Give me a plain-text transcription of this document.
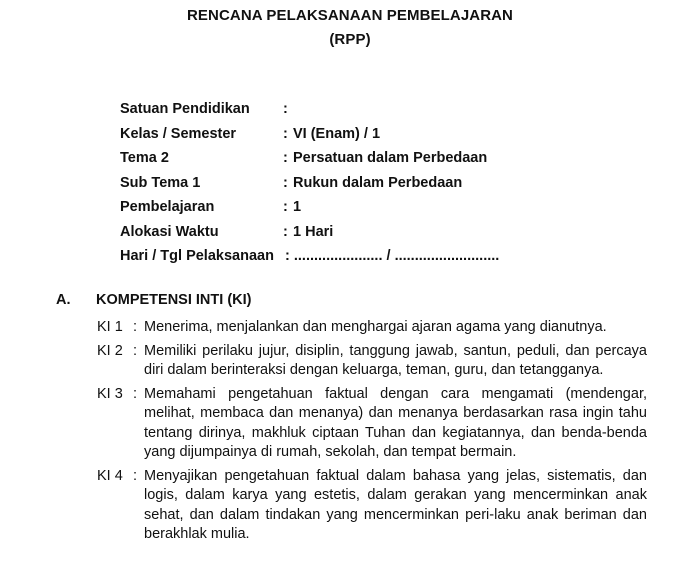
RENCANA PELAKSANAAN PEMBELAJARAN
(RPP)
Satuan Pendidikan :
Kelas / Semester	: VI (Enam) / 1
Tema 2	: Persatuan dalam Perbedaan
Sub Tema 1	: Rukun dalam Perbedaan
Pembelajaran	: 1
Alokasi Waktu	: 1 Hari
Hari / Tgl Pelaksanaan : ...................... / ..........................
A. KOMPETENSI INTI (KI)
KI 1 : Menerima, menjalankan dan menghargai ajaran agama yang dianutnya.
KI 2 : Memiliki perilaku jujur, disiplin, tanggung jawab, santun, peduli, dan percaya diri dalam berinteraksi dengan keluarga, teman, guru, dan tetangganya.
KI 3 : Memahami pengetahuan faktual dengan cara mengamati (mendengar, melihat, membaca dan menanya) dan menanya berdasarkan rasa ingin tahu tentang dirinya, makhluk ciptaan Tuhan dan kegiatannya, dan benda-benda yang dijumpainya di rumah, sekolah, dan tempat bermain.
KI 4 : Menyajikan pengetahuan faktual dalam bahasa yang jelas, sistematis, dan logis, dalam karya yang estetis, dalam gerakan yang mencerminkan anak sehat, dan dalam tindakan yang mencerminkan peri-laku anak beriman dan berakhlak mulia.
